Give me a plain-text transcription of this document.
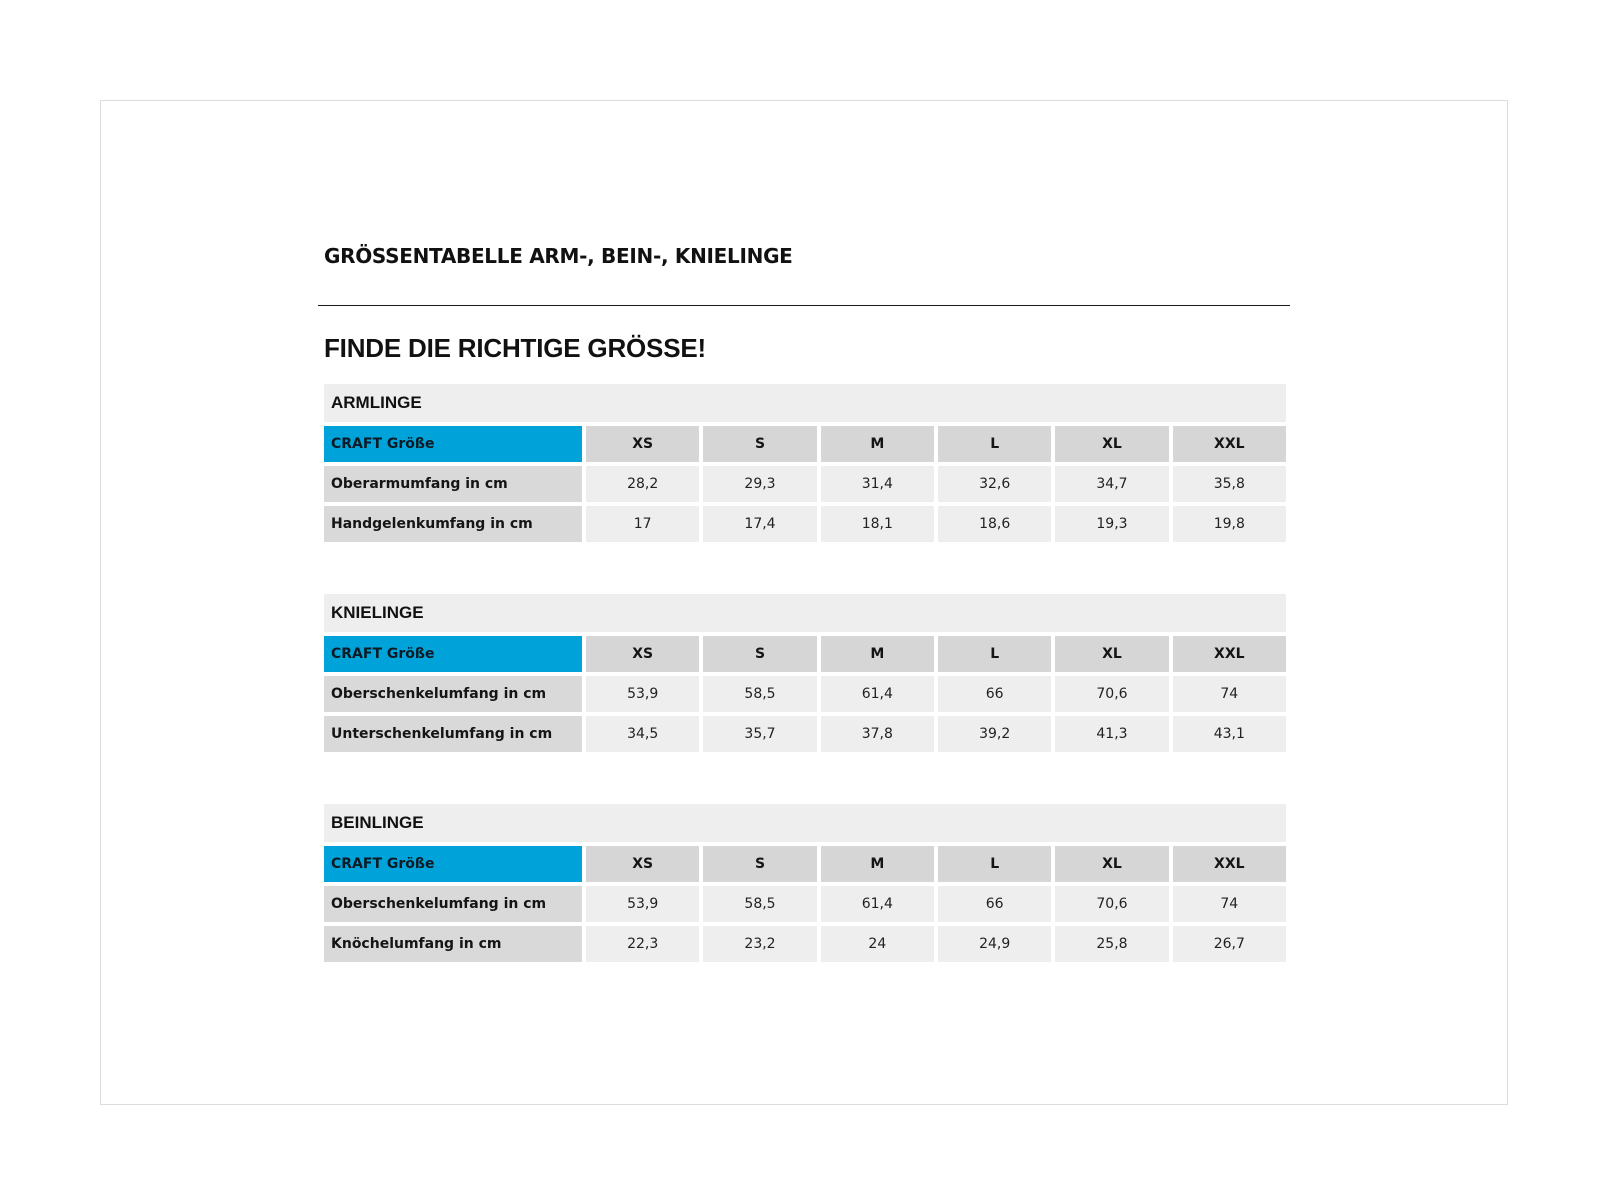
GRÖSSENTABELLE ARM-, BEIN-, KNIELINGE
FINDE DIE RICHTIGE GRÖSSE!
ARMLINGE
CRAFT Größe	XS	S	M	L	XL	XXL
Oberarmumfang in cm	28,2	29,3	31,4	32,6	34,7	35,8
Handgelenkumfang in cm	17	17,4	18,1	18,6	19,3	19,8
KNIELINGE
CRAFT Größe	XS	S	M	L	XL	XXL
Oberschenkelumfang in cm	53,9	58,5	61,4	66	70,6	74
Unterschenkelumfang in cm	34,5	35,7	37,8	39,2	41,3	43,1
BEINLINGE
CRAFT Größe	XS	S	M	L	XL	XXL
Oberschenkelumfang in cm	53,9	58,5	61,4	66	70,6	74
Knöchelumfang in cm	22,3	23,2	24	24,9	25,8	26,7
